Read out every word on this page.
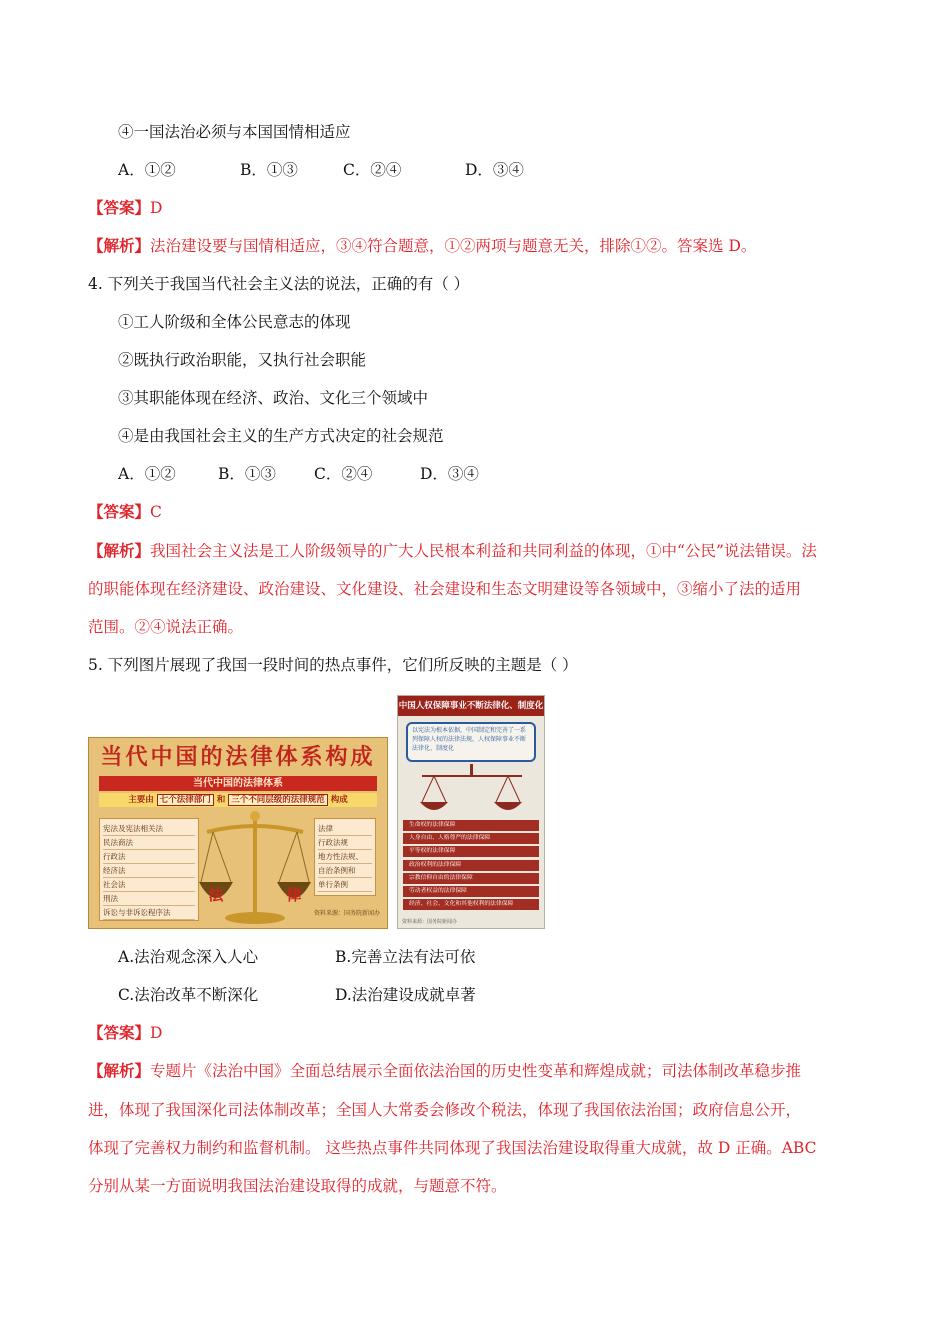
④一国法治必须与本国国情相适应
A．①②	B．①③	C．②④	D．③④
【答案】D
【解析】法治建设要与国情相适应，③④符合题意，①②两项与题意无关，排除①②。答案选 D。
4. 下列关于我国当代社会主义法的说法，正确的有（ ）
①工人阶级和全体公民意志的体现
②既执行政治职能，又执行社会职能
③其职能体现在经济、政治、文化三个领域中
④是由我国社会主义的生产方式决定的社会规范
A．①②	B．①③ C．②④	D．③④
【答案】C
【解析】我国社会主义法是工人阶级领导的广大人民根本利益和共同利益的体现，①中“公民”说法错误。法
的职能体现在经济建设、政治建设、文化建设、社会建设和生态文明建设等各领域中，③缩小了法的适用
范围。②④说法正确。
5. 下列图片展现了我国一段时间的热点事件，它们所反映的主题是（ ）
当代中国的法律体系构成
当代中国的法律体系
主要由 七个法律部门 和 三个不同层级的法律规范 构成
宪法及宪法相关法
民法商法
行政法
经济法
社会法
刑法
诉讼与非诉讼程序法
法律
行政法规
地方性法规、
自治条例和
单行条例
法	律
资料来源：国务院新闻办
中国人权保障事业不断法律化、制度化
以宪法为根本依据，中国制定和完善了一系列保障人权的法律法规，人权保障事业不断法律化、制度化
生命权的法律保障
人身自由、人格尊严的法律保障
平等权的法律保障
政治权利的法律保障
宗教信仰自由的法律保障
劳动者权益的法律保障
经济、社会、文化和其他权利的法律保障
资料来源：国务院新闻办
A.法治观念深入人心	B.完善立法有法可依
C.法治改革不断深化	D.法治建设成就卓著
【答案】D
【解析】专题片《法治中国》全面总结展示全面依法治国的历史性变革和辉煌成就；司法体制改革稳步推
进，体现了我国深化司法体制改革；全国人大常委会修改个税法，体现了我国依法治国；政府信息公开，
体现了完善权力制约和监督机制。 这些热点事件共同体现了我国法治建设取得重大成就，故 D 正确。ABC
分别从某一方面说明我国法治建设取得的成就，与题意不符。
